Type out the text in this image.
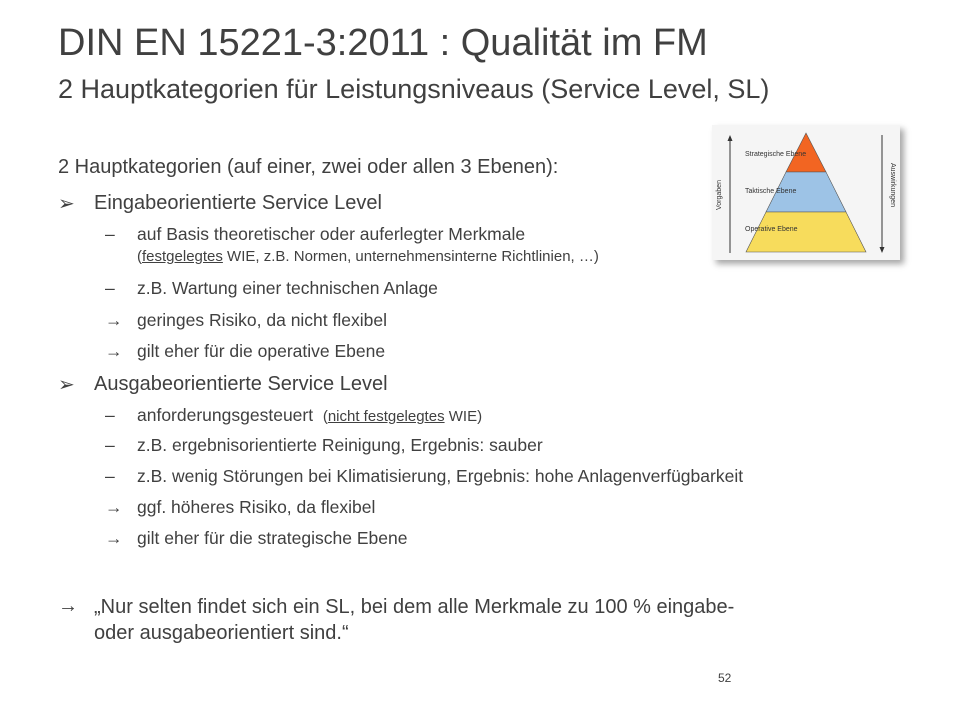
DIN EN 15221-3:2011 : Qualität im FM
2 Hauptkategorien für Leistungsniveaus (Service Level, SL)
2 Hauptkategorien (auf einer, zwei oder allen 3 Ebenen):
➢ Eingabeorientierte Service Level
– auf Basis theoretischer oder auferlegter Merkmale
(festgelegtes WIE, z.B. Normen, unternehmensinterne Richtlinien, …)
– z.B. Wartung einer technischen Anlage
→ geringes Risiko, da nicht flexibel
→ gilt eher für die operative Ebene
➢ Ausgabeorientierte Service Level
– anforderungsgesteuert (nicht festgelegtes WIE)
– z.B. ergebnisorientierte Reinigung, Ergebnis: sauber
– z.B. wenig Störungen bei Klimatisierung, Ergebnis: hohe Anlagenverfügbarkeit
→ ggf. höheres Risiko, da flexibel
→ gilt eher für die strategische Ebene
→ „Nur selten findet sich ein SL, bei dem alle Merkmale zu 100 % eingabe-
oder ausgabeorientiert sind.“
Strategische Ebene
Taktische Ebene
Operative Ebene
Vorgaben	Auswirkungen
52
